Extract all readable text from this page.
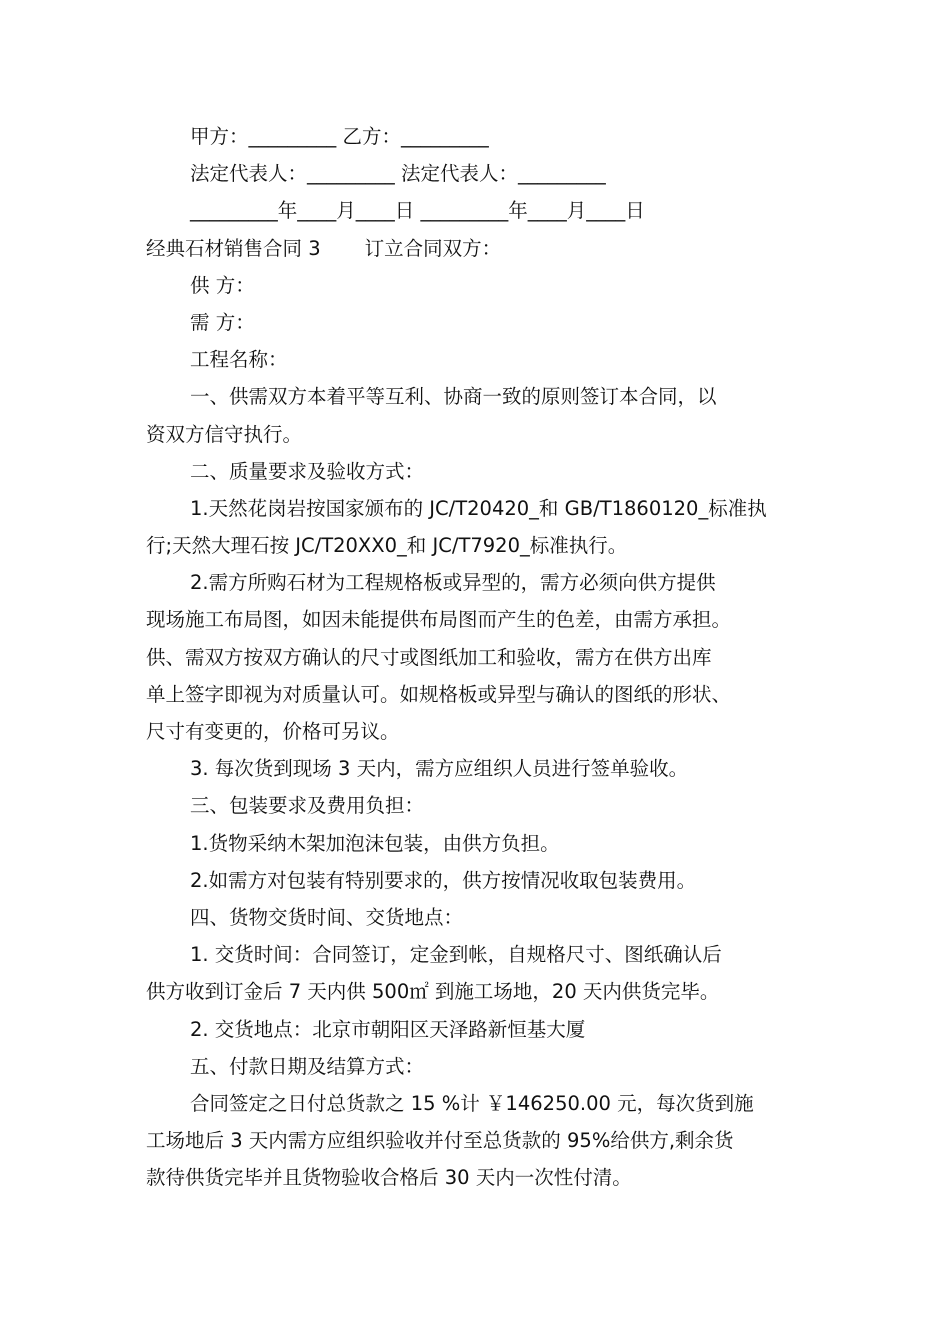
甲方：_________ 乙方：_________
法定代表人：_________ 法定代表人：_________
_________年____月____日 _________年____月____日
经典石材销售合同 3 订立合同双方：
供 方：
需 方：
工程名称：
一、供需双方本着平等互利、协商一致的原则签订本合同，以
资双方信守执行。
二、质量要求及验收方式：
1.天然花岗岩按国家颁布的 JC/T20420_和 GB/T1860120_标准执
行;天然大理石按 JC/T20XX0_和 JC/T7920_标准执行。
2.需方所购石材为工程规格板或异型的，需方必须向供方提供
现场施工布局图，如因未能提供布局图而产生的色差，由需方承担。
供、需双方按双方确认的尺寸或图纸加工和验收，需方在供方出库
单上签字即视为对质量认可。如规格板或异型与确认的图纸的形状、
尺寸有变更的，价格可另议。
3. 每次货到现场 3 天内，需方应组织人员进行签单验收。
三、包装要求及费用负担：
1.货物采纳木架加泡沫包装，由供方负担。
2.如需方对包装有特别要求的，供方按情况收取包装费用。
四、货物交货时间、交货地点：
1. 交货时间：合同签订，定金到帐，自规格尺寸、图纸确认后
供方收到订金后 7 天内供 500㎡ 到施工场地，20 天内供货完毕。
2. 交货地点：北京市朝阳区天泽路新恒基大厦
五、付款日期及结算方式：
合同签定之日付总货款之 15 %计 ￥146250.00 元，每次货到施
工场地后 3 天内需方应组织验收并付至总货款的 95%给供方,剩余货
款待供货完毕并且货物验收合格后 30 天内一次性付清。
